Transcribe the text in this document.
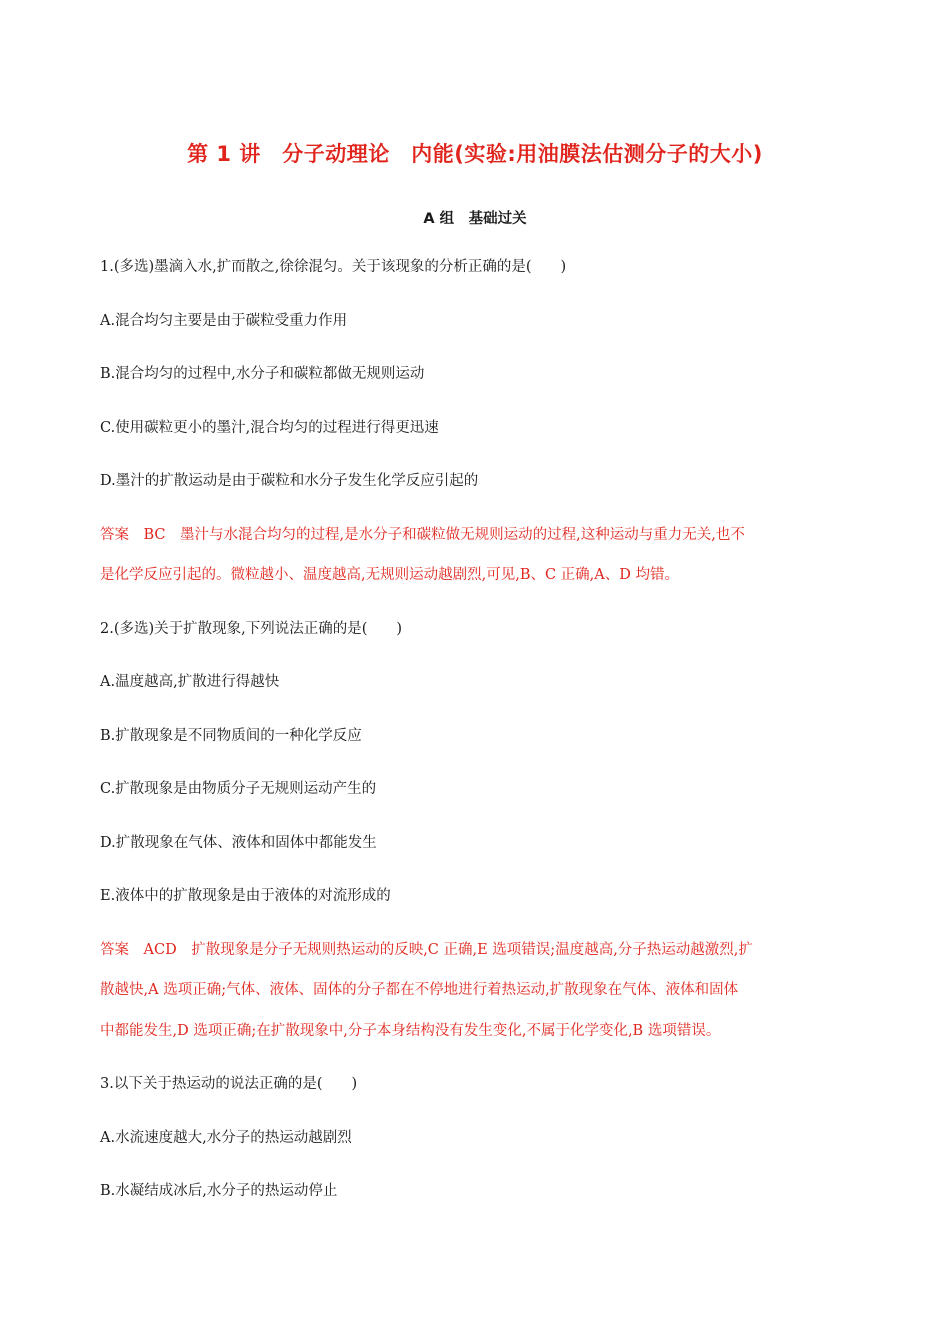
第 1 讲　分子动理论　内能(实验:用油膜法估测分子的大小)
A 组　基础过关
1.(多选)墨滴入水,扩而散之,徐徐混匀。关于该现象的分析正确的是(　　)
A.混合均匀主要是由于碳粒受重力作用
B.混合均匀的过程中,水分子和碳粒都做无规则运动
C.使用碳粒更小的墨汁,混合均匀的过程进行得更迅速
D.墨汁的扩散运动是由于碳粒和水分子发生化学反应引起的
答案　BC　墨汁与水混合均匀的过程,是水分子和碳粒做无规则运动的过程,这种运动与重力无关,也不
是化学反应引起的。微粒越小、温度越高,无规则运动越剧烈,可见,B、C 正确,A、D 均错。
2.(多选)关于扩散现象,下列说法正确的是(　　)
A.温度越高,扩散进行得越快
B.扩散现象是不同物质间的一种化学反应
C.扩散现象是由物质分子无规则运动产生的
D.扩散现象在气体、液体和固体中都能发生
E.液体中的扩散现象是由于液体的对流形成的
答案　ACD　扩散现象是分子无规则热运动的反映,C 正确,E 选项错误;温度越高,分子热运动越激烈,扩
散越快,A 选项正确;气体、液体、固体的分子都在不停地进行着热运动,扩散现象在气体、液体和固体
中都能发生,D 选项正确;在扩散现象中,分子本身结构没有发生变化,不属于化学变化,B 选项错误。
3.以下关于热运动的说法正确的是(　　)
A.水流速度越大,水分子的热运动越剧烈
B.水凝结成冰后,水分子的热运动停止
